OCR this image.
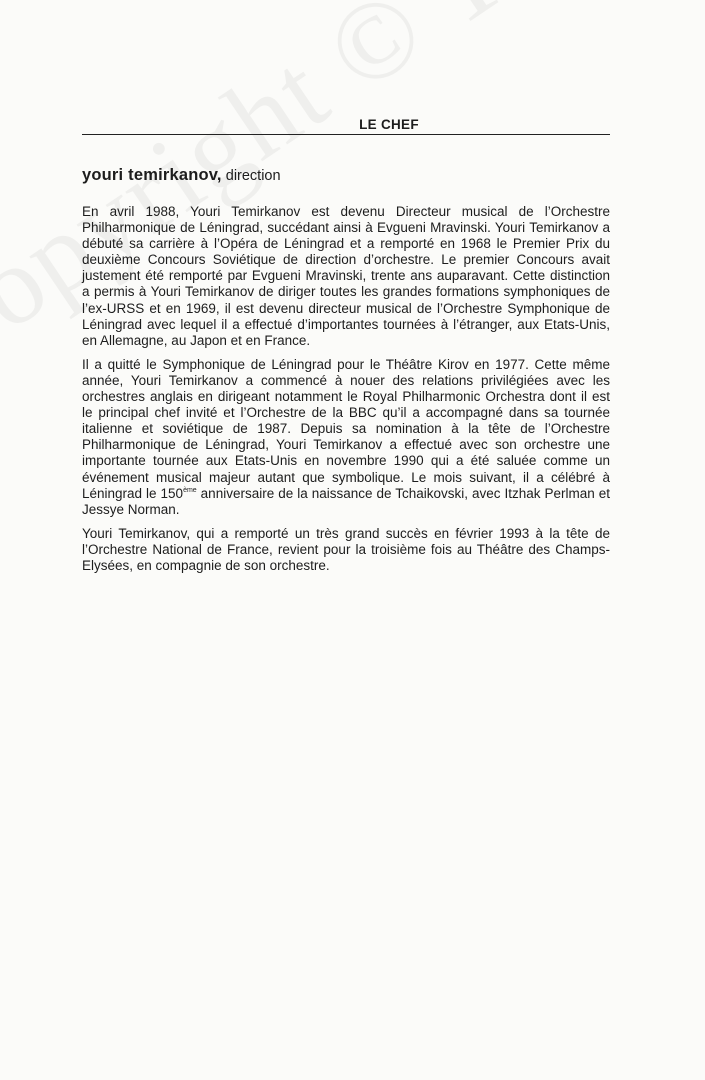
LE CHEF
youri temirkanov, direction

En avril 1988, Youri Temirkanov est devenu Directeur musical de l’Orchestre Philharmonique de Léningrad, succédant ainsi à Evgueni Mravinski. Youri Temirkanov a débuté sa carrière à l’Opéra de Léningrad et a remporté en 1968 le Premier Prix du deuxième Concours Soviétique de direction d’orchestre. Le premier Concours avait justement été remporté par Evgueni Mravinski, trente ans auparavant. Cette distinction a permis à Youri Temirkanov de diriger toutes les grandes formations symphoniques de l’ex-URSS et en 1969, il est devenu directeur musical de l’Orchestre Symphonique de Léningrad avec lequel il a effectué d’importantes tournées à l’étranger, aux Etats-Unis, en Allemagne, au Japon et en France.

Il a quitté le Symphonique de Léningrad pour le Théâtre Kirov en 1977. Cette même année, Youri Temirkanov a commencé à nouer des relations privilégiées avec les orchestres anglais en dirigeant notamment le Royal Philharmonic Orchestra dont il est le principal chef invité et l’Orchestre de la BBC qu’il a accompagné dans sa tournée italienne et soviétique de 1987. Depuis sa nomination à la tête de l’Orchestre Philharmonique de Léningrad, Youri Temirkanov a effectué avec son orchestre une importante tournée aux Etats-Unis en novembre 1990 qui a été saluée comme un événement musical majeur autant que symbolique. Le mois suivant, il a célébré à Léningrad le 150ème anniversaire de la naissance de Tchaikovski, avec Itzhak Perlman et Jessye Norman.

Youri Temirkanov, qui a remporté un très grand succès en février 1993 à la tête de l’Orchestre National de France, revient pour la troisième fois au Théâtre des Champs-Elysées, en compagnie de son orchestre.
